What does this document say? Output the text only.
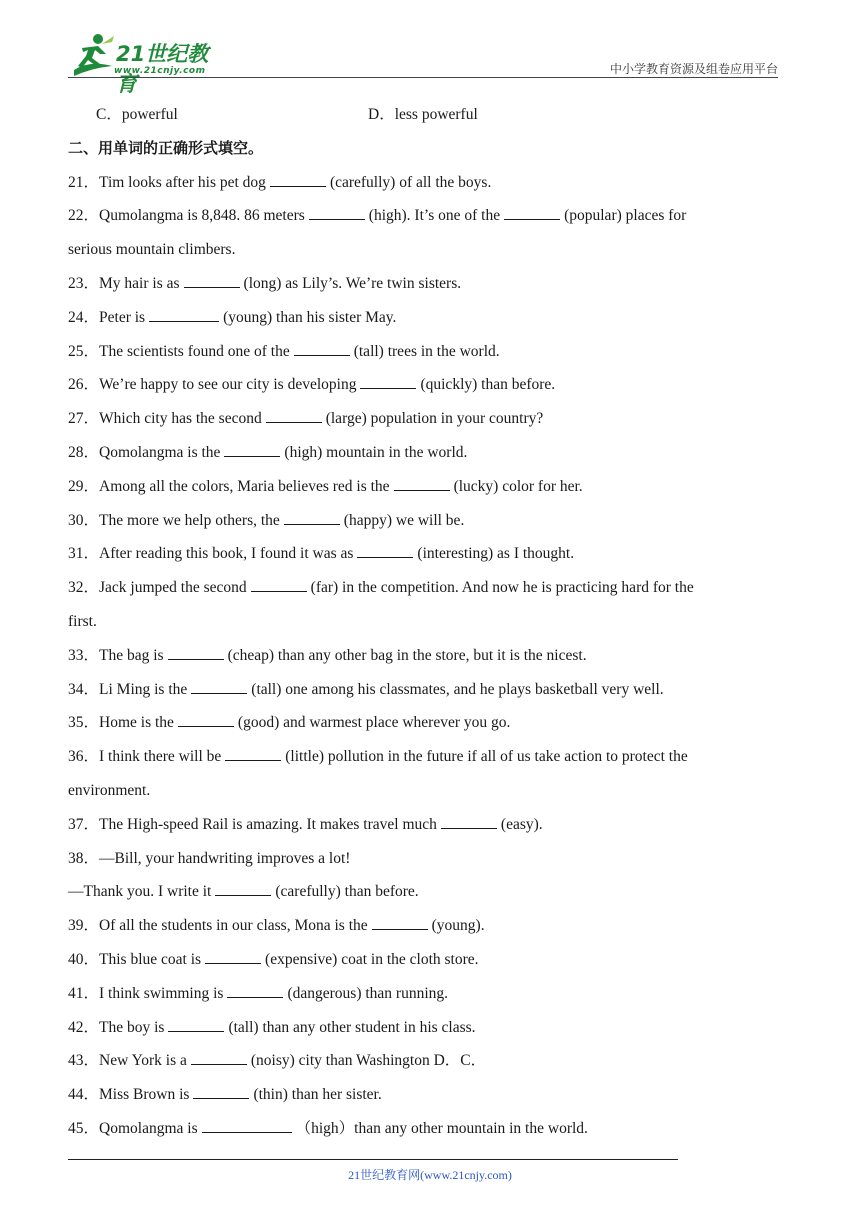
21世纪教育
www.21cnjy.com	中小学教育资源及组卷应用平台
C．powerful	D．less powerful
二、用单词的正确形式填空。
21．Tim looks after his pet dog	(carefully) of all the boys.
22．Qumolangma is 8,848. 86 meters	(high). It’s one of the	(popular) places for
serious mountain climbers.
23．My hair is as	(long) as Lily’s. We’re twin sisters.
24．Peter is	(young) than his sister May.
25．The scientists found one of the	(tall) trees in the world.
26．We’re happy to see our city is developing	(quickly) than before.
27．Which city has the second	(large) population in your country?
28．Qomolangma is the	(high) mountain in the world.
29．Among all the colors, Maria believes red is the	(lucky) color for her.
30．The more we help others, the	(happy) we will be.
31．After reading this book, I found it was as	(interesting) as I thought.
32．Jack jumped the second	(far) in the competition. And now he is practicing hard for the
first.
33．The bag is	(cheap) than any other bag in the store, but it is the nicest.
34．Li Ming is the	(tall) one among his classmates, and he plays basketball very well.
35．Home is the	(good) and warmest place wherever you go.
36．I think there will be	(little) pollution in the future if all of us take action to protect the
environment.
37．The High-speed Rail is amazing. It makes travel much	(easy).
38．—Bill, your handwriting improves a lot!
—Thank you. I write it	(carefully) than before.
39．Of all the students in our class, Mona is the	(young).
40．This blue coat is	(expensive) coat in the cloth store.
41．I think swimming is	(dangerous) than running.
42．The boy is	(tall) than any other student in his class.
43．New York is a	(noisy) city than Washington D．C．
44．Miss Brown is	(thin) than her sister.
45．Qomolangma is	（high）than any other mountain in the world.
21世纪教育网(www.21cnjy.com)
